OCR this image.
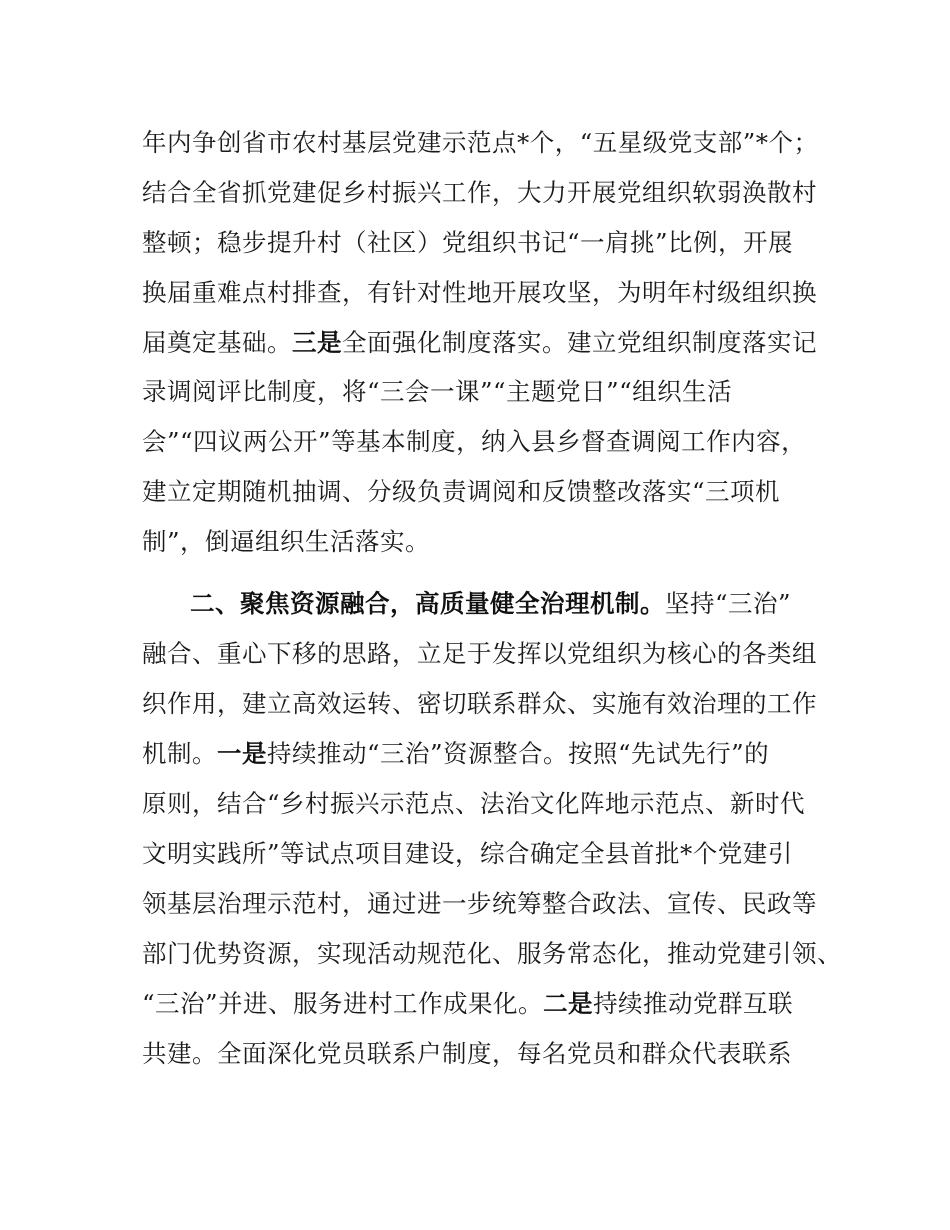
年内争创省市农村基层党建示范点*个，“五星级党支部”*个；
结合全省抓党建促乡村振兴工作，大力开展党组织软弱涣散村
整顿；稳步提升村（社区）党组织书记“一肩挑”比例，开展
换届重难点村排查，有针对性地开展攻坚，为明年村级组织换
届奠定基础。三是全面强化制度落实。建立党组织制度落实记
录调阅评比制度，将“三会一课”“主题党日”“组织生活
会”“四议两公开”等基本制度，纳入县乡督查调阅工作内容，
建立定期随机抽调、分级负责调阅和反馈整改落实“三项机
制”，倒逼组织生活落实。
二、聚焦资源融合，高质量健全治理机制。坚持“三治”
融合、重心下移的思路，立足于发挥以党组织为核心的各类组
织作用，建立高效运转、密切联系群众、实施有效治理的工作
机制。一是持续推动“三治”资源整合。按照“先试先行”的
原则，结合“乡村振兴示范点、法治文化阵地示范点、新时代
文明实践所”等试点项目建设，综合确定全县首批*个党建引
领基层治理示范村，通过进一步统筹整合政法、宣传、民政等
部门优势资源，实现活动规范化、服务常态化，推动党建引领、
“三治”并进、服务进村工作成果化。二是持续推动党群互联
共建。全面深化党员联系户制度，每名党员和群众代表联系
